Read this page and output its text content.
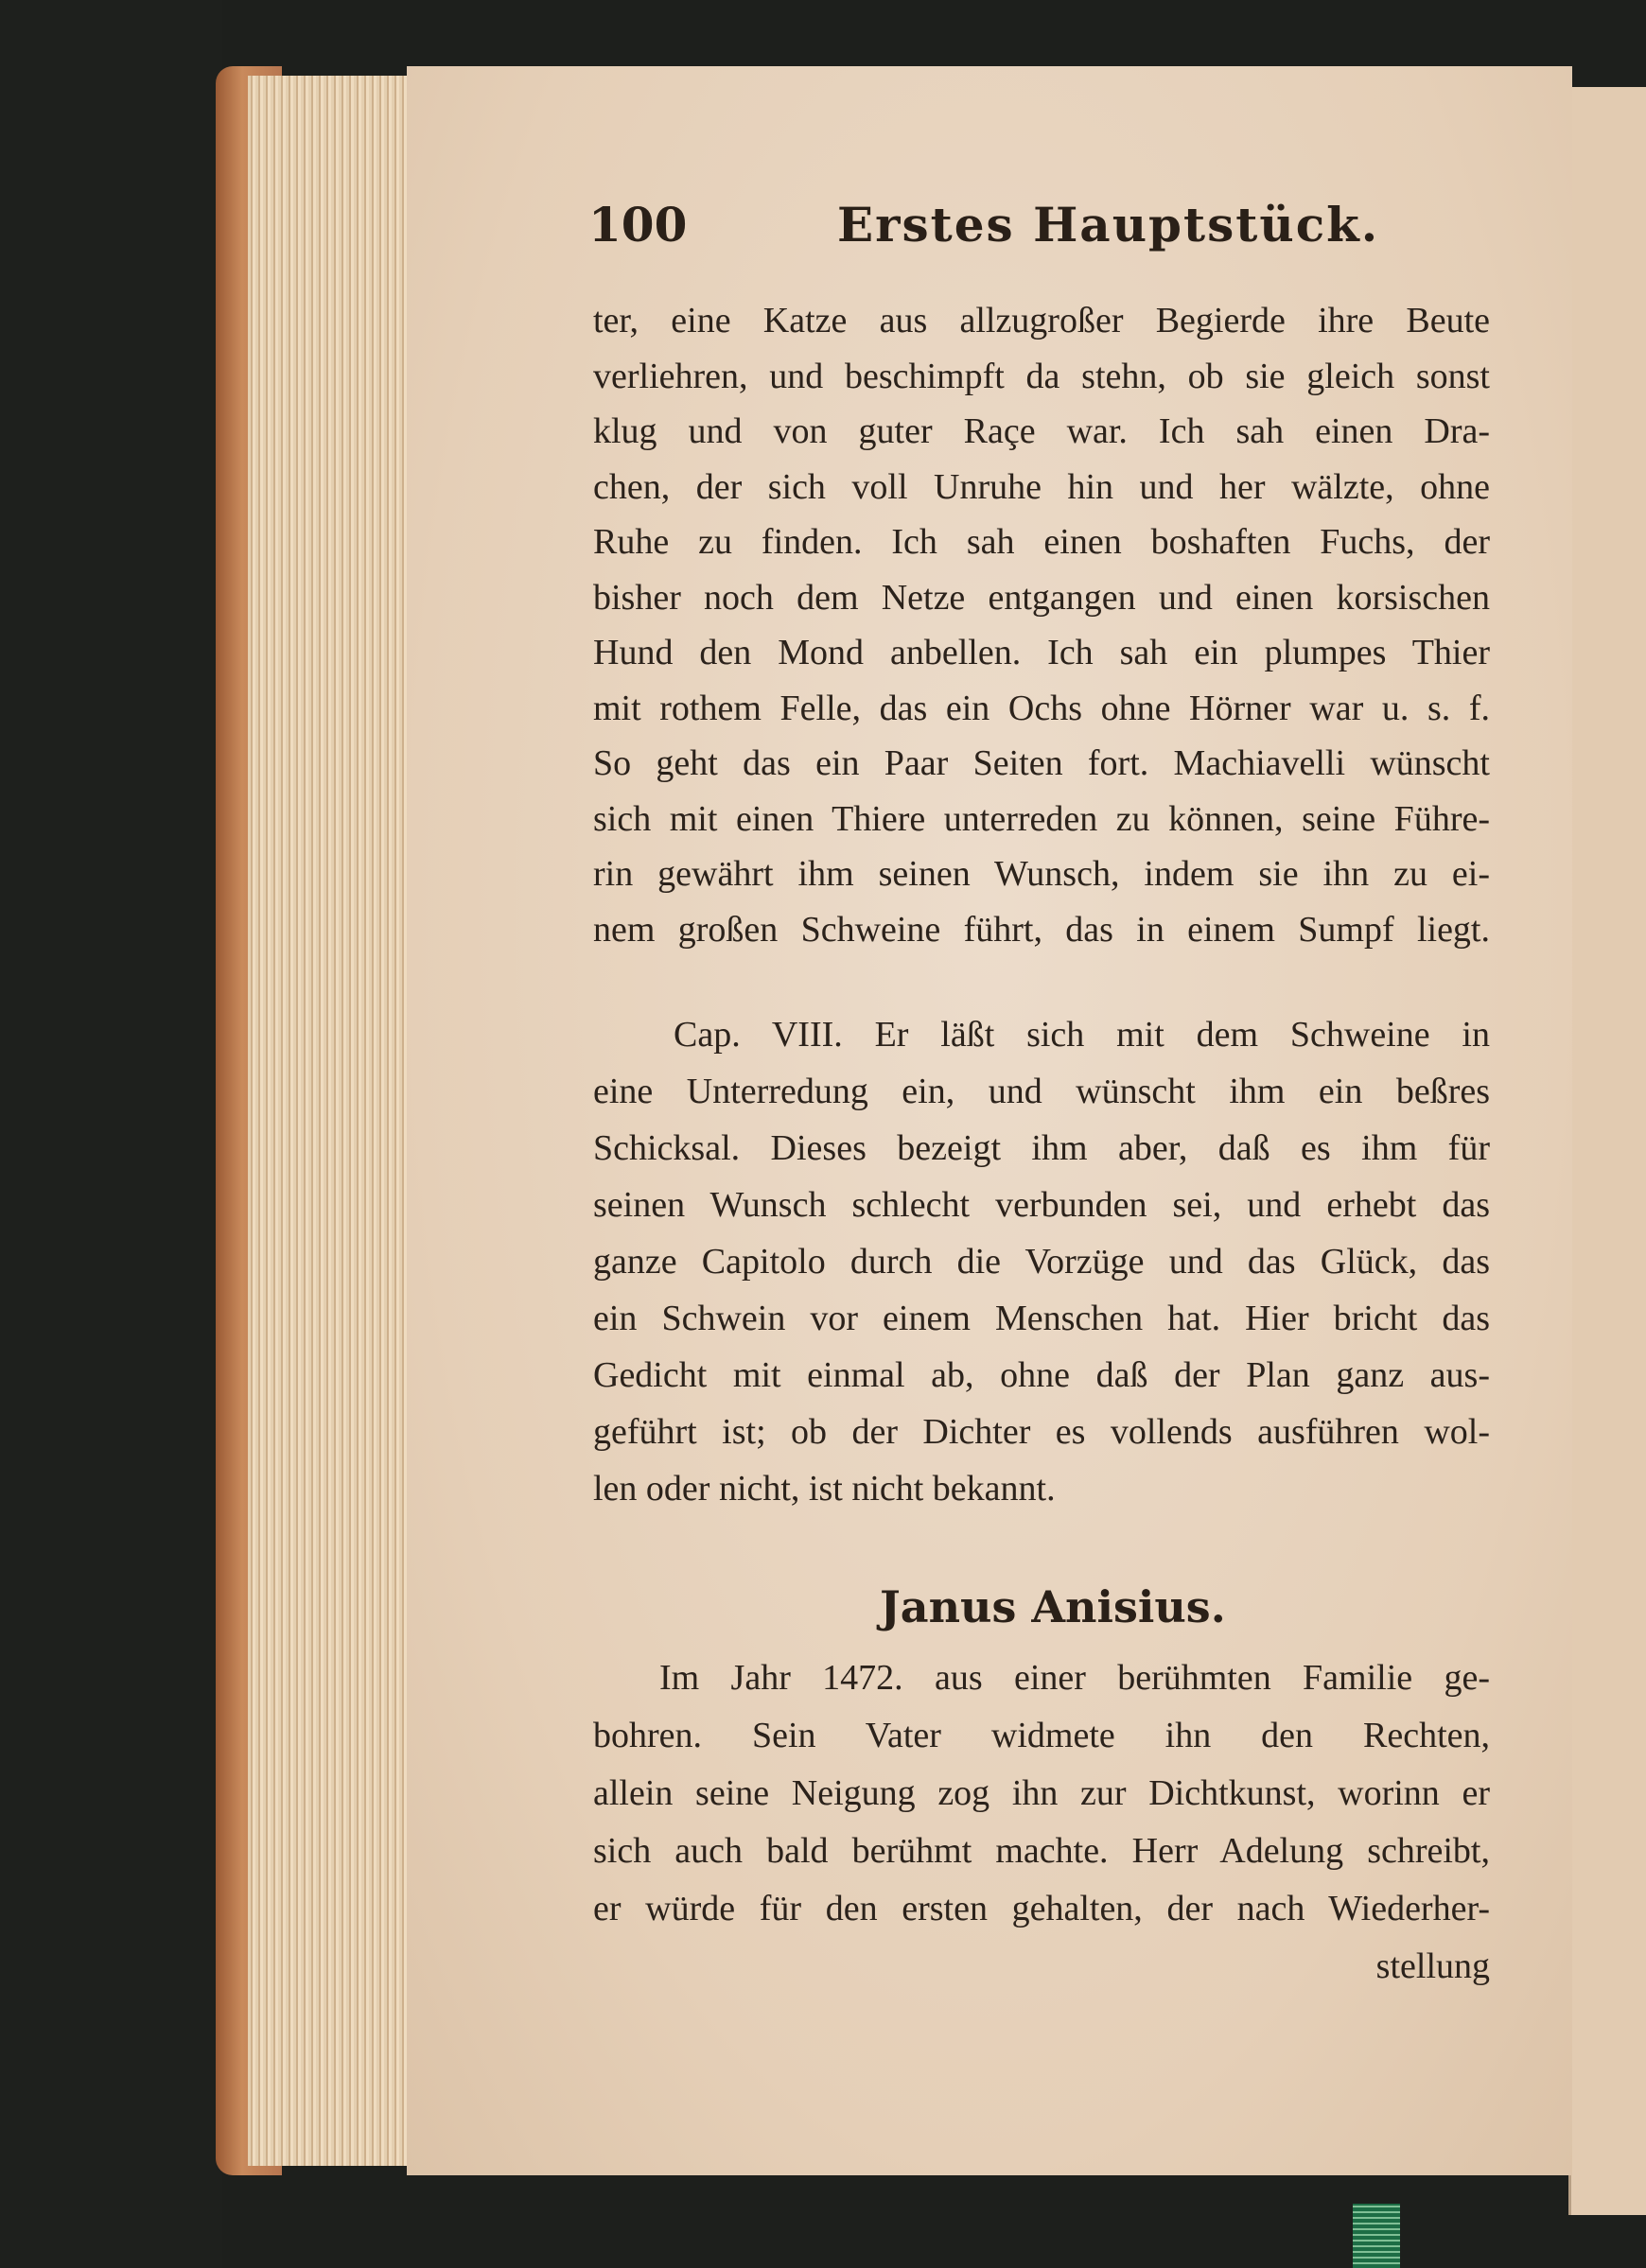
100	Erstes Hauptstück.
Janus Anisius.
ter, eine Katze aus allzugroßer Begierde ihre Beute
verliehren, und beschimpft da stehn, ob sie gleich sonst
klug und von guter Raçe war. Ich sah einen Dra-
chen, der sich voll Unruhe hin und her wälzte, ohne
Ruhe zu finden. Ich sah einen boshaften Fuchs, der
bisher noch dem Netze entgangen und einen korsischen
Hund den Mond anbellen. Ich sah ein plumpes Thier
mit rothem Felle, das ein Ochs ohne Hörner war u. s. f.
So geht das ein Paar Seiten fort. Machiavelli wünscht
sich mit einen Thiere unterreden zu können, seine Führe-
rin gewährt ihm seinen Wunsch, indem sie ihn zu ei-
nem großen Schweine führt, das in einem Sumpf liegt.
Cap. VIII. Er läßt sich mit dem Schweine in
eine Unterredung ein, und wünscht ihm ein beßres
Schicksal. Dieses bezeigt ihm aber, daß es ihm für
seinen Wunsch schlecht verbunden sei, und erhebt das
ganze Capitolo durch die Vorzüge und das Glück, das
ein Schwein vor einem Menschen hat. Hier bricht das
Gedicht mit einmal ab, ohne daß der Plan ganz aus-
geführt ist; ob der Dichter es vollends ausführen wol-
len oder nicht, ist nicht bekannt.
Im Jahr 1472. aus einer berühmten Familie ge-
bohren. Sein Vater widmete ihn den Rechten,
allein seine Neigung zog ihn zur Dichtkunst, worinn er
sich auch bald berühmt machte. Herr Adelung schreibt,
er würde für den ersten gehalten, der nach Wiederher-
stellung
